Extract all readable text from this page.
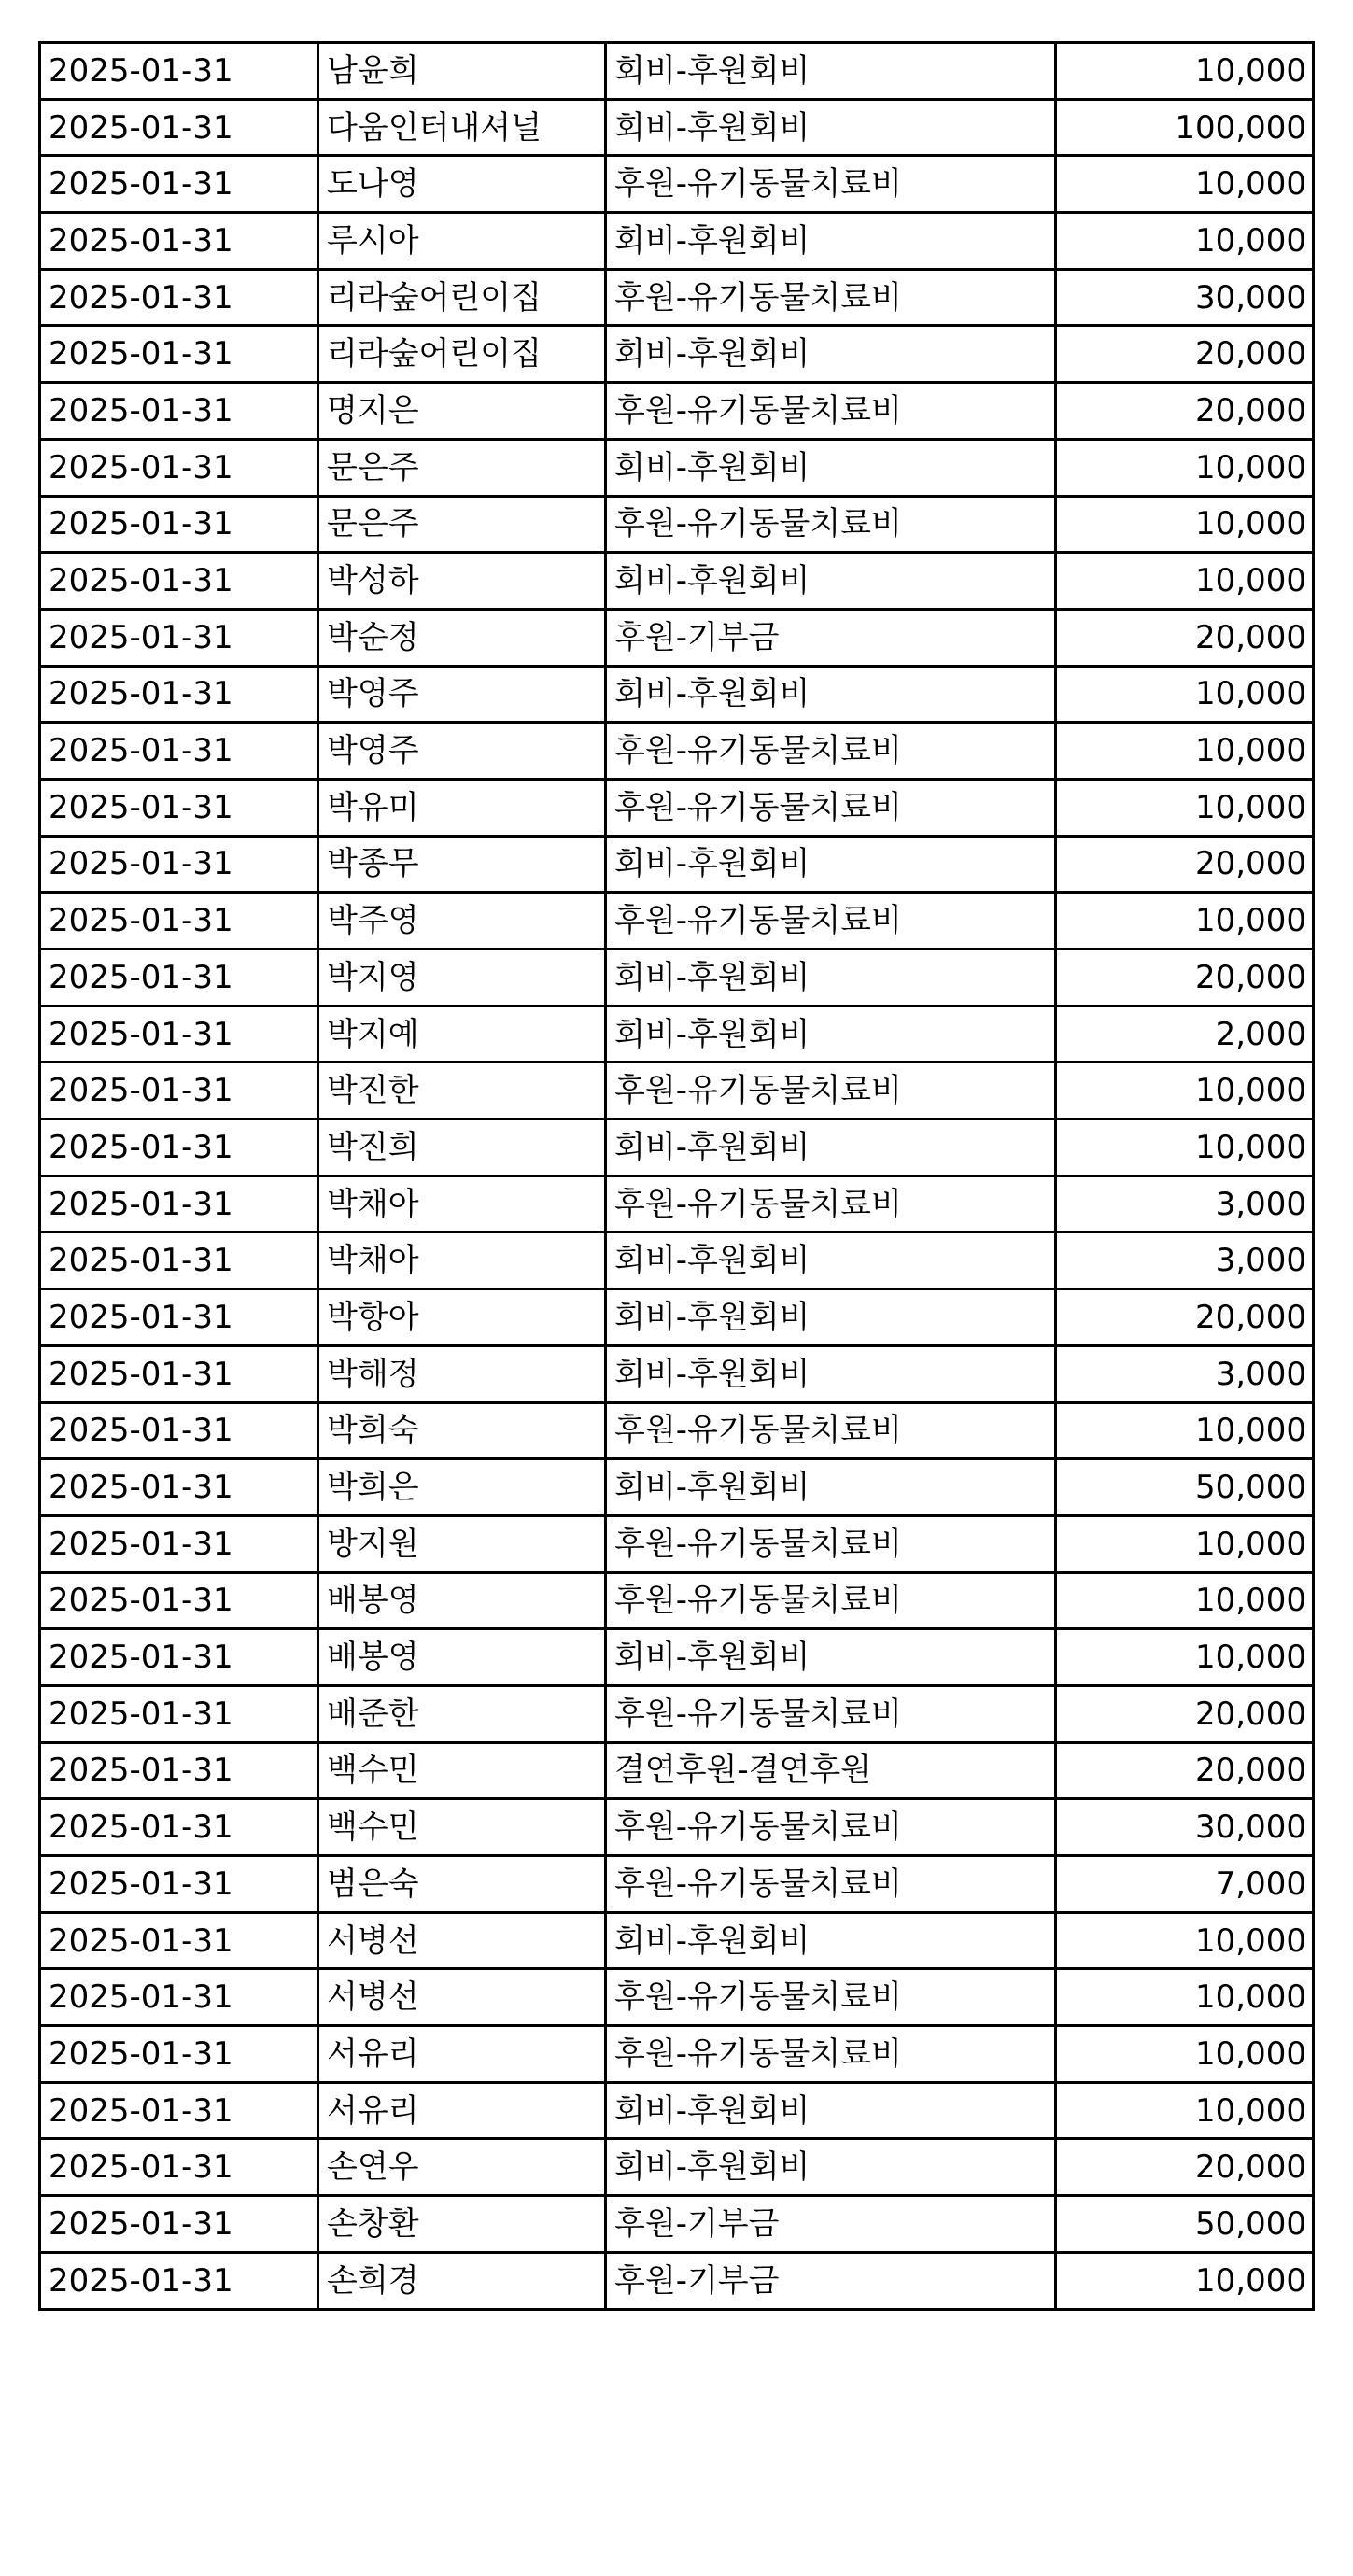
2025-01-31	남윤희	회비-후원회비	10,000
2025-01-31	다움인터내셔널	회비-후원회비	100,000
2025-01-31	도나영	후원-유기동물치료비	10,000
2025-01-31	루시아	회비-후원회비	10,000
2025-01-31	리라숲어린이집	후원-유기동물치료비	30,000
2025-01-31	리라숲어린이집	회비-후원회비	20,000
2025-01-31	명지은	후원-유기동물치료비	20,000
2025-01-31	문은주	회비-후원회비	10,000
2025-01-31	문은주	후원-유기동물치료비	10,000
2025-01-31	박성하	회비-후원회비	10,000
2025-01-31	박순정	후원-기부금	20,000
2025-01-31	박영주	회비-후원회비	10,000
2025-01-31	박영주	후원-유기동물치료비	10,000
2025-01-31	박유미	후원-유기동물치료비	10,000
2025-01-31	박종무	회비-후원회비	20,000
2025-01-31	박주영	후원-유기동물치료비	10,000
2025-01-31	박지영	회비-후원회비	20,000
2025-01-31	박지예	회비-후원회비	2,000
2025-01-31	박진한	후원-유기동물치료비	10,000
2025-01-31	박진희	회비-후원회비	10,000
2025-01-31	박채아	후원-유기동물치료비	3,000
2025-01-31	박채아	회비-후원회비	3,000
2025-01-31	박항아	회비-후원회비	20,000
2025-01-31	박해정	회비-후원회비	3,000
2025-01-31	박희숙	후원-유기동물치료비	10,000
2025-01-31	박희은	회비-후원회비	50,000
2025-01-31	방지원	후원-유기동물치료비	10,000
2025-01-31	배봉영	후원-유기동물치료비	10,000
2025-01-31	배봉영	회비-후원회비	10,000
2025-01-31	배준한	후원-유기동물치료비	20,000
2025-01-31	백수민	결연후원-결연후원	20,000
2025-01-31	백수민	후원-유기동물치료비	30,000
2025-01-31	범은숙	후원-유기동물치료비	7,000
2025-01-31	서병선	회비-후원회비	10,000
2025-01-31	서병선	후원-유기동물치료비	10,000
2025-01-31	서유리	후원-유기동물치료비	10,000
2025-01-31	서유리	회비-후원회비	10,000
2025-01-31	손연우	회비-후원회비	20,000
2025-01-31	손창환	후원-기부금	50,000
2025-01-31	손희경	후원-기부금	10,000
